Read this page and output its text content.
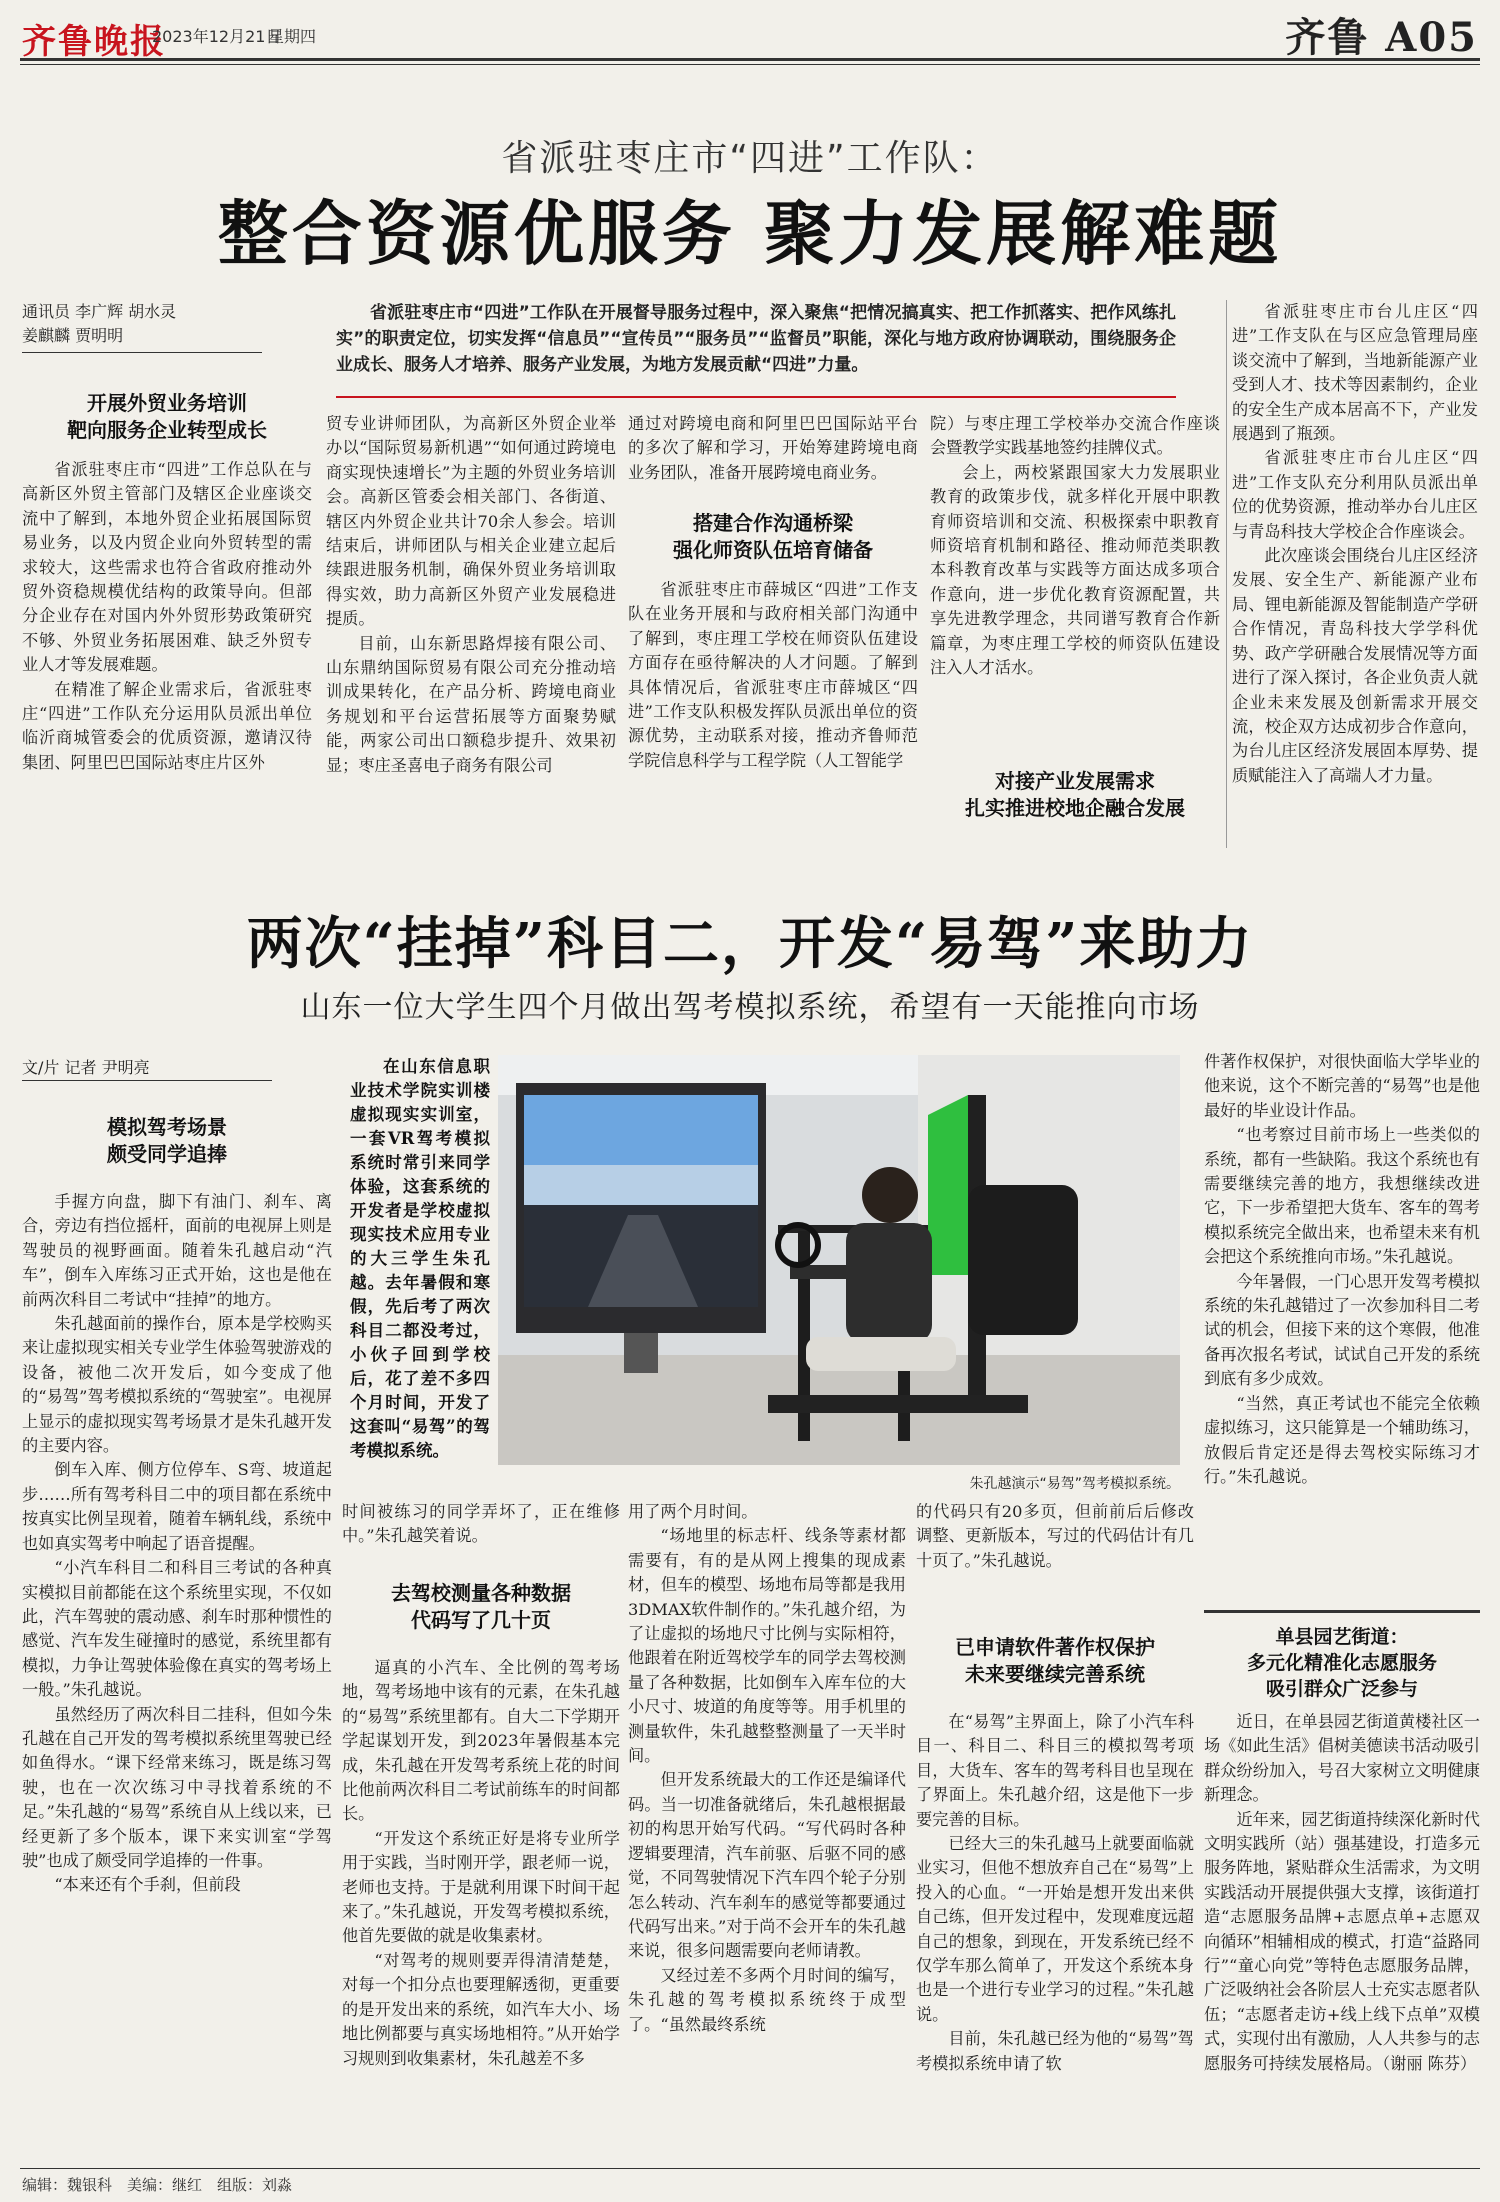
齐鲁晚报
2023年12月21日
星期四	齐鲁 A05
省派驻枣庄市“四进”工作队：
整合资源优服务 聚力发展解难题
通讯员 李广辉 胡水灵
姜麒麟 贾明明
省派驻枣庄市“四进”工作队在开展督导服务过程中，深入聚焦“把情况搞真实、把工作抓落实、把作风练扎实”的职责定位，切实发挥“信息员”“宣传员”“服务员”“监督员”职能，深化与地方政府协调联动，围绕服务企业成长、服务人才培养、服务产业发展，为地方发展贡献“四进”力量。
开展外贸业务培训
靶向服务企业转型成长

省派驻枣庄市“四进”工作总队在与高新区外贸主管部门及辖区企业座谈交流中了解到，本地外贸企业拓展国际贸易业务，以及内贸企业向外贸转型的需求较大，这些需求也符合省政府推动外贸外资稳规模优结构的政策导向。但部分企业存在对国内外外贸形势政策研究不够、外贸业务拓展困难、缺乏外贸专业人才等发展难题。

在精准了解企业需求后，省派驻枣庄“四进”工作队充分运用队员派出单位临沂商城管委会的优质资源，邀请汉待集团、阿里巴巴国际站枣庄片区外

贸专业讲师团队，为高新区外贸企业举办以“国际贸易新机遇”“如何通过跨境电商实现快速增长”为主题的外贸业务培训会。高新区管委会相关部门、各街道、辖区内外贸企业共计70余人参会。培训结束后，讲师团队与相关企业建立起后续跟进服务机制，确保外贸业务培训取得实效，助力高新区外贸产业发展稳进提质。

目前，山东新思路焊接有限公司、山东鼎纳国际贸易有限公司充分推动培训成果转化，在产品分析、跨境电商业务规划和平台运营拓展等方面聚势赋能，两家公司出口额稳步提升、效果初显；枣庄圣喜电子商务有限公司

通过对跨境电商和阿里巴巴国际站平台的多次了解和学习，开始筹建跨境电商业务团队，准备开展跨境电商业务。

搭建合作沟通桥梁
强化师资队伍培育储备

省派驻枣庄市薛城区“四进”工作支队在业务开展和与政府相关部门沟通中了解到，枣庄理工学校在师资队伍建设方面存在亟待解决的人才问题。了解到具体情况后，省派驻枣庄市薛城区“四进”工作支队积极发挥队员派出单位的资源优势，主动联系对接，推动齐鲁师范学院信息科学与工程学院（人工智能学

院）与枣庄理工学校举办交流合作座谈会暨教学实践基地签约挂牌仪式。

会上，两校紧跟国家大力发展职业教育的政策步伐，就多样化开展中职教育师资培训和交流、积极探索中职教育师资培育机制和路径、推动师范类职教本科教育改革与实践等方面达成多项合作意向，进一步优化教育资源配置，共享先进教学理念，共同谱写教育合作新篇章，为枣庄理工学校的师资队伍建设注入人才活水。

对接产业发展需求
扎实推进校地企融合发展

省派驻枣庄市台儿庄区“四进”工作支队在与区应急管理局座谈交流中了解到，当地新能源产业受到人才、技术等因素制约，企业的安全生产成本居高不下，产业发展遇到了瓶颈。

省派驻枣庄市台儿庄区“四进”工作支队充分利用队员派出单位的优势资源，推动举办台儿庄区与青岛科技大学校企合作座谈会。

此次座谈会围绕台儿庄区经济发展、安全生产、新能源产业布局、锂电新能源及智能制造产学研合作情况，青岛科技大学学科优势、政产学研融合发展情况等方面进行了深入探讨，各企业负责人就企业未来发展及创新需求开展交流，校企双方达成初步合作意向，为台儿庄区经济发展固本厚势、提质赋能注入了高端人才力量。

两次“挂掉”科目二，开发“易驾”来助力
山东一位大学生四个月做出驾考模拟系统，希望有一天能推向市场
文/片 记者 尹明亮
模拟驾考场景
颇受同学追捧

手握方向盘，脚下有油门、刹车、离合，旁边有挡位摇杆，面前的电视屏上则是驾驶员的视野画面。随着朱孔越启动“汽车”，倒车入库练习正式开始，这也是他在前两次科目二考试中“挂掉”的地方。

朱孔越面前的操作台，原本是学校购买来让虚拟现实相关专业学生体验驾驶游戏的设备，被他二次开发后，如今变成了他的“易驾”驾考模拟系统的“驾驶室”。电视屏上显示的虚拟现实驾考场景才是朱孔越开发的主要内容。

倒车入库、侧方位停车、S弯、坡道起步……所有驾考科目二中的项目都在系统中按真实比例呈现着，随着车辆轧线，系统中也如真实驾考中响起了语音提醒。

“小汽车科目二和科目三考试的各种真实模拟目前都能在这个系统里实现，不仅如此，汽车驾驶的震动感、刹车时那种惯性的感觉、汽车发生碰撞时的感觉，系统里都有模拟，力争让驾驶体验像在真实的驾考场上一般。”朱孔越说。

虽然经历了两次科目二挂科，但如今朱孔越在自己开发的驾考模拟系统里驾驶已经如鱼得水。“课下经常来练习，既是练习驾驶，也在一次次练习中寻找着系统的不足。”朱孔越的“易驾”系统自从上线以来，已经更新了多个版本，课下来实训室“学驾驶”也成了颇受同学追捧的一件事。

“本来还有个手刹，但前段

在山东信息职业技术学院实训楼虚拟现实实训室，一套VR驾考模拟系统时常引来同学体验，这套系统的开发者是学校虚拟现实技术应用专业的大三学生朱孔越。去年暑假和寒假，先后考了两次科目二都没考过，小伙子回到学校后，花了差不多四个月时间，开发了这套叫“易驾”的驾考模拟系统。

朱孔越演示“易驾”驾考模拟系统。

时间被练习的同学弄坏了，正在维修中。”朱孔越笑着说。

去驾校测量各种数据
代码写了几十页

逼真的小汽车、全比例的驾考场地，驾考场地中该有的元素，在朱孔越的“易驾”系统里都有。自大二下学期开学起谋划开发，到2023年暑假基本完成，朱孔越在开发驾考系统上花的时间比他前两次科目二考试前练车的时间都长。

“开发这个系统正好是将专业所学用于实践，当时刚开学，跟老师一说，老师也支持。于是就利用课下时间干起来了。”朱孔越说，开发驾考模拟系统，他首先要做的就是收集素材。

“对驾考的规则要弄得清清楚楚，对每一个扣分点也要理解透彻，更重要的是开发出来的系统，如汽车大小、场地比例都要与真实场地相符。”从开始学习规则到收集素材，朱孔越差不多

用了两个月时间。

“场地里的标志杆、线条等素材都需要有，有的是从网上搜集的现成素材，但车的模型、场地布局等都是我用3DMAX软件制作的。”朱孔越介绍，为了让虚拟的场地尺寸比例与实际相符，他跟着在附近驾校学车的同学去驾校测量了各种数据，比如倒车入库车位的大小尺寸、坡道的角度等等。用手机里的测量软件，朱孔越整整测量了一天半时间。

但开发系统最大的工作还是编译代码。当一切准备就绪后，朱孔越根据最初的构思开始写代码。“写代码时各种逻辑要理清，汽车前驱、后驱不同的感觉，不同驾驶情况下汽车四个轮子分别怎么转动、汽车刹车的感觉等都要通过代码写出来。”对于尚不会开车的朱孔越来说，很多问题需要向老师请教。

又经过差不多两个月时间的编写，朱孔越的驾考模拟系统终于成型了。“虽然最终系统

的代码只有20多页，但前前后后修改调整、更新版本，写过的代码估计有几十页了。”朱孔越说。

已申请软件著作权保护
未来要继续完善系统

在“易驾”主界面上，除了小汽车科目一、科目二、科目三的模拟驾考项目，大货车、客车的驾考科目也呈现在了界面上。朱孔越介绍，这是他下一步要完善的目标。

已经大三的朱孔越马上就要面临就业实习，但他不想放弃自己在“易驾”上投入的心血。“一开始是想开发出来供自己练，但开发过程中，发现难度远超自己的想象，到现在，开发系统已经不仅学车那么简单了，开发这个系统本身也是一个进行专业学习的过程。”朱孔越说。

目前，朱孔越已经为他的“易驾”驾考模拟系统申请了软

件著作权保护，对很快面临大学毕业的他来说，这个不断完善的“易驾”也是他最好的毕业设计作品。

“也考察过目前市场上一些类似的系统，都有一些缺陷。我这个系统也有需要继续完善的地方，我想继续改进它，下一步希望把大货车、客车的驾考模拟系统完全做出来，也希望未来有机会把这个系统推向市场。”朱孔越说。

今年暑假，一门心思开发驾考模拟系统的朱孔越错过了一次参加科目二考试的机会，但接下来的这个寒假，他准备再次报名考试，试试自己开发的系统到底有多少成效。

“当然，真正考试也不能完全依赖虚拟练习，这只能算是一个辅助练习，放假后肯定还是得去驾校实际练习才行。”朱孔越说。

单县园艺街道：
多元化精准化志愿服务
吸引群众广泛参与

近日，在单县园艺街道黄楼社区一场《如此生活》倡树美德读书活动吸引群众纷纷加入，号召大家树立文明健康新理念。

近年来，园艺街道持续深化新时代文明实践所（站）强基建设，打造多元服务阵地，紧贴群众生活需求，为文明实践活动开展提供强大支撑，该街道打造“志愿服务品牌+志愿点单+志愿双向循环”相辅相成的模式，打造“益路同行”“童心向党”等特色志愿服务品牌，广泛吸纳社会各阶层人士充实志愿者队伍；“志愿者走访+线上线下点单”双模式，实现付出有激励，人人共参与的志愿服务可持续发展格局。（谢丽 陈芬）

编辑：魏银科　美编：继红　组版：刘淼
